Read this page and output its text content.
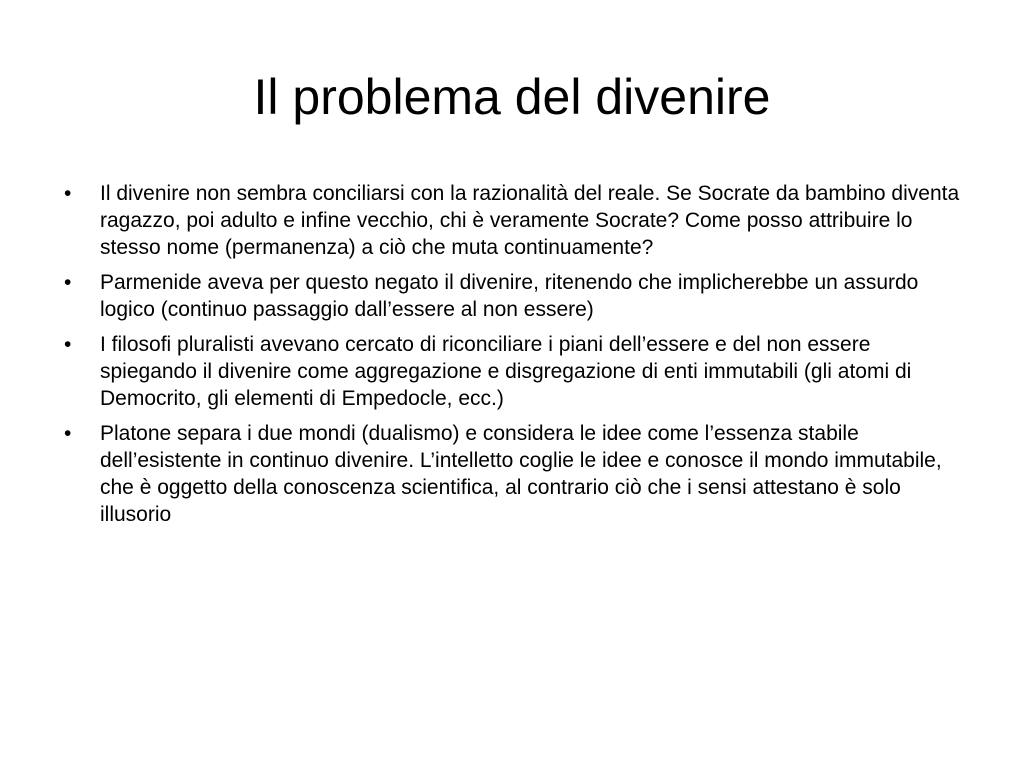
Il problema del divenire
•	Il divenire non sembra conciliarsi con la razionalità del reale. Se Socrate da bambino diventa ragazzo, poi adulto e infine vecchio, chi è veramente Socrate? Come posso attribuire lo stesso nome (permanenza) a ciò che muta continuamente?
•	Parmenide aveva per questo negato il divenire, ritenendo che implicherebbe un assurdo logico (continuo passaggio dall’essere al non essere)
•	I filosofi pluralisti avevano cercato di riconciliare i piani dell’essere e del non essere spiegando il divenire come aggregazione e disgregazione di enti immutabili (gli atomi di Democrito, gli elementi di Empedocle, ecc.)
•	Platone separa i due mondi (dualismo) e considera le idee come l’essenza stabile dell’esistente in continuo divenire. L’intelletto coglie le idee e conosce il mondo immutabile, che è oggetto della conoscenza scientifica, al contrario ciò che i sensi attestano è solo illusorio
